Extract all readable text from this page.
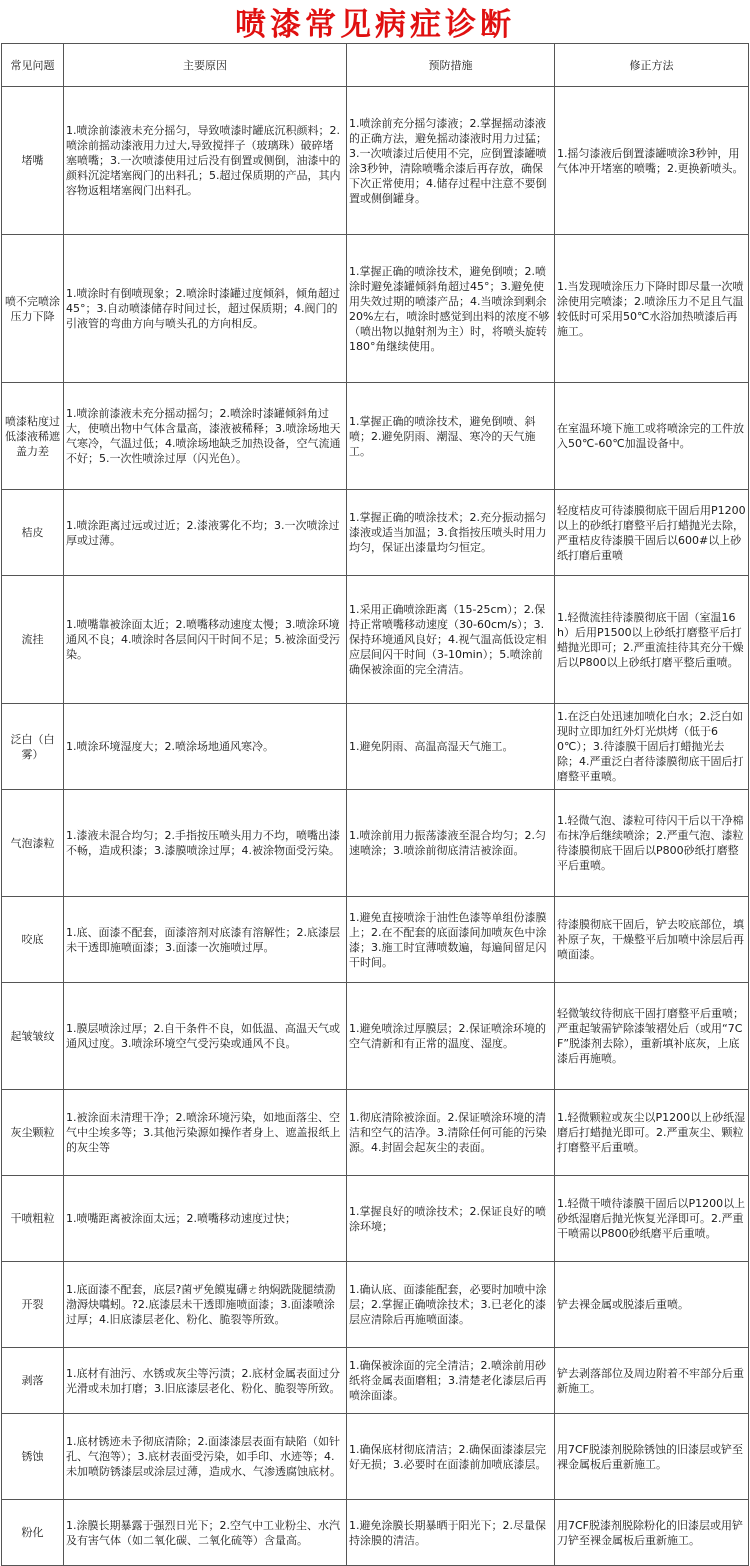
喷漆常见病症诊断
常见问题	主要原因	预防措施	修正方法
堵嘴	1.喷涂前漆液未充分摇匀，导致喷漆时罐底沉积颜料；2.喷涂前摇动漆液用力过大,导致搅拌子（玻璃珠）破碎堵塞喷嘴；3.一次喷漆使用过后没有倒置或侧倒，油漆中的颜料沉淀堵塞阀门的出料孔；5.超过保质期的产品，其内容物返粗堵塞阀门出料孔。	1.喷涂前充分摇匀漆液；2.掌握摇动漆液的正确方法，避免摇动漆液时用力过猛；3.一次喷漆过后使用不完，应倒置漆罐喷涂3秒钟，清除喷嘴余漆后再存放，确保下次正常使用；4.储存过程中注意不要倒置或侧倒罐身。	1.摇匀漆液后倒置漆罐喷涂3秒钟，用气体冲开堵塞的喷嘴；2.更换新喷头。
喷不完喷涂压力下降	1.喷涂时有倒喷现象；2.喷涂时漆罐过度倾斜，倾角超过45°；3.自动喷漆储存时间过长，超过保质期；4.阀门的引液管的弯曲方向与喷头孔的方向相反。	1.掌握正确的喷涂技术，避免倒喷；2.喷涂时避免漆罐倾斜角超过45°；3.避免使用失效过期的喷漆产品；4.当喷涂到剩余20%左右，喷涂时感觉到出料的浓度不够（喷出物以抛射剂为主）时，将喷头旋转180°角继续使用。	1.当发现喷涂压力下降时即尽量一次喷涂使用完喷漆；2.喷涂压力不足且气温较低时可采用50℃水浴加热喷漆后再施工。
喷漆粘度过低漆液稀遮盖力差	1.喷涂前漆液未充分摇动摇匀；2.喷涂时漆罐倾斜角过大，使喷出物中气体含量高，漆液被稀释；3.喷涂场地天气寒冷，气温过低；4.喷涂场地缺乏加热设备，空气流通不好；5.一次性喷涂过厚（闪光色）。	1.掌握正确的喷涂技术，避免倒喷、斜喷；2.避免阴雨、潮湿、寒冷的天气施工。	在室温环境下施工或将喷涂完的工件放入50℃-60℃加温设备中。
桔皮	1.喷涂距离过远或过近；2.漆液雾化不均；3.一次喷涂过厚或过薄。	1.掌握正确的喷涂技术；2.充分振动摇匀漆液或适当加温；3.食指按压喷头时用力均匀，保证出漆量均匀恒定。	轻度桔皮可待漆膜彻底干固后用P1200以上的砂纸打磨整平后打蜡抛光去除，严重桔皮待漆膜干固后以600#以上砂纸打磨后重喷
流挂	1.喷嘴靠被涂面太近；2.喷嘴移动速度太慢；3.喷涂环境通风不良；4.喷涂时各层间闪干时间不足；5.被涂面受污染。	1.采用正确喷涂距离（15-25cm）；2.保持正常喷嘴移动速度（30-60cm/s）；3.保持环境通风良好；4.视气温高低设定相应层间闪干时间（3-10min）；5.喷涂前确保被涂面的完全清洁。	1.轻微流挂待漆膜彻底干固（室温16h）后用P1500以上砂纸打磨整平后打蜡抛光即可；2.严重流挂待其充分干燥后以P800以上砂纸打磨平整后重喷。
泛白（白雾）	1.喷涂环境湿度大；2.喷涂场地通风寒冷。	1.避免阴雨、高温高湿天气施工。	1.在泛白处迅速加喷化白水；2.泛白如现时立即加红外灯光烘烤（低于60℃）；3.待漆膜干固后打蜡抛光去除；4.严重泛白者待漆膜彻底干固后打磨整平重喷。
气泡漆粒	1.漆液未混合均匀；2.手指按压喷头用力不均，喷嘴出漆不畅，造成积漆；3.漆膜喷涂过厚；4.被涂物面受污染。	1.喷涂前用力振荡漆液至混合均匀；2.匀速喷涂；3.喷涂前彻底清洁被涂面。	1.轻微气泡、漆粒可待闪干后以干净棉布抹净后继续喷涂；2.严重气泡、漆粒待漆膜彻底干固后以P800砂纸打磨整平后重喷。
咬底	1.底、面漆不配套，面漆溶剂对底漆有溶解性；2.底漆层未干透即施喷面漆；3.面漆一次施喷过厚。	1.避免直接喷涂于油性色漆等单组份漆膜上；2.在不配套的底面漆间加喷灰色中涂漆；3.施工时宜薄喷数遍，每遍间留足闪干时间。	待漆膜彻底干固后，铲去咬底部位，填补原子灰，干燥整平后加喷中涂层后再喷面漆。
起皱皱纹	1.膜层喷涂过厚；2.自干条件不良，如低温、高温天气或通风过度。3.喷涂环境空气受污染或通风不良。	1.避免喷涂过厚膜层；2.保证喷涂环境的空气清新和有正常的温度、湿度。	轻微皱纹待彻底干固打磨整平后重喷；严重起皱需铲除漆皱褶处后（或用“7CF”脱漆剂去除），重新填补底灰，上底漆后再施喷。
灰尘颗粒	1.被涂面未清理干净；2.喷涂环境污染，如地面落尘、空气中尘埃多等；3.其他污染源如操作者身上、遮盖报纸上的灰尘等	1.彻底清除被涂面。2.保证喷涂环境的清洁和空气的洁净。3.清除任何可能的污染源。4.封固会起灰尘的表面。	1.轻微颗粒或灰尘以P1200以上砂纸湿磨后打蜡抛光即可。2.严重灰尘、颗粒打磨整平后重喷。
干喷粗粒	1.喷嘴距离被涂面太远；2.喷嘴移动速度过快；	1.掌握良好的喷涂技术；2.保证良好的喷涂环境；	1.轻微干喷待漆膜干固后以P1200以上砂纸湿磨后抛光恢复光泽即可。2.严重干喷需以P800砂纸磨平后重喷。
开裂	1.底面漆不配套，底层?菌ザ免饃嵬礴ㄜ纳焖跣陇腿绩泐渤溽炔嚆蚓。?2.底漆层未干透即施喷面漆；3.面漆喷涂过厚；4.旧底漆层老化、粉化、脆裂等所致。	1.确认底、面漆能配套，必要时加喷中涂层；2.掌握正确喷涂技术；3.已老化的漆层应清除后再施喷面漆。	铲去裸金属或脱漆后重喷。
剥落	1.底材有油污、水锈或灰尘等污渍；2.底材金属表面过分光滑或未加打磨；3.旧底漆层老化、粉化、脆裂等所致。	1.确保被涂面的完全清洁；2.喷涂前用砂纸将金属表面磨粗；3.清楚老化漆层后再喷涂面漆。	铲去剥落部位及周边附着不牢部分后重新施工。
锈蚀	1.底材锈迹未予彻底清除；2.面漆漆层表面有缺陷（如针孔、气泡等）；3.底材表面受污染，如手印、水迹等；4.未加喷防锈漆层或涂层过薄，造成水、气渗透腐蚀底材。	1.确保底材彻底清洁；2.确保面漆漆层完好无损；3.必要时在面漆前加喷底漆层。	用7CF脱漆剂脱除锈蚀的旧漆层或铲至裸金属板后重新施工。
粉化	1.涂膜长期暴露于强烈日光下；2.空气中工业粉尘、水汽及有害气体（如二氧化碳、二氧化硫等）含量高。	1.避免涂膜长期暴晒于阳光下；2.尽量保持涂膜的清洁。	用7CF脱漆剂脱除粉化的旧漆层或用铲刀铲至裸金属板后重新施工。
